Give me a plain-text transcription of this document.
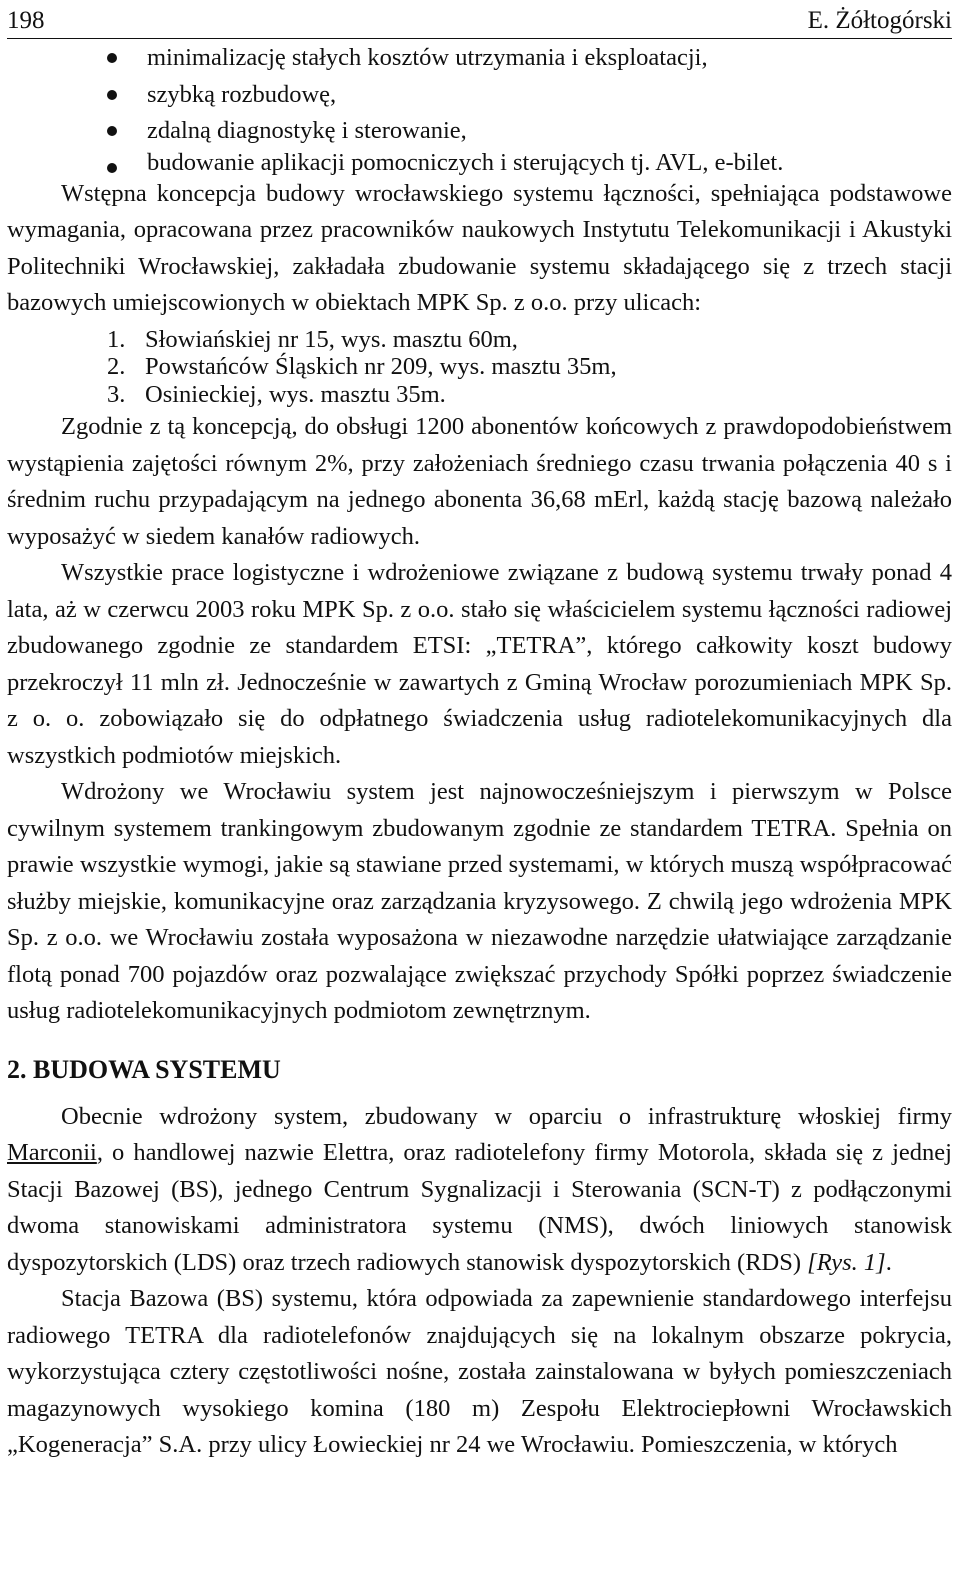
198	E. Żółtogórski
minimalizację stałych kosztów utrzymania i eksploatacji,
szybką rozbudowę,
zdalną diagnostykę i sterowanie,
budowanie aplikacji pomocniczych i sterujących tj. AVL, e-bilet.

Wstępna koncepcja budowy wrocławskiego systemu łączności, spełniająca podstawowe wymagania, opracowana przez pracowników naukowych Instytutu Telekomunikacji i Akustyki Politechniki Wrocławskiej, zakładała zbudowanie systemu składającego się z trzech stacji bazowych umiejscowionych w obiektach MPK Sp. z o.o. przy ulicach:

1. Słowiańskiej nr 15, wys. masztu 60m,
2. Powstańców Śląskich nr 209, wys. masztu 35m,
3. Osinieckiej, wys. masztu 35m.

Zgodnie z tą koncepcją, do obsługi 1200 abonentów końcowych z prawdopodobieństwem wystąpienia zajętości równym 2%, przy założeniach średniego czasu trwania połączenia 40 s i średnim ruchu przypadającym na jednego abonenta 36,68 mErl, każdą stację bazową należało wyposażyć w siedem kanałów radiowych.

Wszystkie prace logistyczne i wdrożeniowe związane z budową systemu trwały ponad 4 lata, aż w czerwcu 2003 roku MPK Sp. z o.o. stało się właścicielem systemu łączności radiowej zbudowanego zgodnie ze standardem ETSI: „TETRA”, którego całkowity koszt budowy przekroczył 11 mln zł. Jednocześnie w zawartych z Gminą Wrocław porozumieniach MPK Sp. z o. o. zobowiązało się do odpłatnego świadczenia usług radiotelekomunikacyjnych dla wszystkich podmiotów miejskich.

Wdrożony we Wrocławiu system jest najnowocześniejszym i pierwszym w Polsce cywilnym systemem trankingowym zbudowanym zgodnie ze standardem TETRA. Spełnia on prawie wszystkie wymogi, jakie są stawiane przed systemami, w których muszą współpracować służby miejskie, komunikacyjne oraz zarządzania kryzysowego. Z chwilą jego wdrożenia MPK Sp. z o.o. we Wrocławiu została wyposażona w niezawodne narzędzie ułatwiające zarządzanie flotą ponad 700 pojazdów oraz pozwalające zwiększać przychody Spółki poprzez świadczenie usług radiotelekomunikacyjnych podmiotom zewnętrznym.

2. BUDOWA SYSTEMU

Obecnie wdrożony system, zbudowany w oparciu o infrastrukturę włoskiej firmy Marconii, o handlowej nazwie Elettra, oraz radiotelefony firmy Motorola, składa się z jednej Stacji Bazowej (BS), jednego Centrum Sygnalizacji i Sterowania (SCN-T) z podłączonymi dwoma stanowiskami administratora systemu (NMS), dwóch liniowych stanowisk dyspozytorskich (LDS) oraz trzech radiowych stanowisk dyspozytorskich (RDS) [Rys. 1].

Stacja Bazowa (BS) systemu, która odpowiada za zapewnienie standardowego interfejsu radiowego TETRA dla radiotelefonów znajdujących się na lokalnym obszarze pokrycia, wykorzystująca cztery częstotliwości nośne, została zainstalowana w byłych pomieszczeniach magazynowych wysokiego komina (180 m) Zespołu Elektrociepłowni Wrocławskich „Kogeneracja” S.A. przy ulicy Łowieckiej nr 24 we Wrocławiu. Pomieszczenia, w których
